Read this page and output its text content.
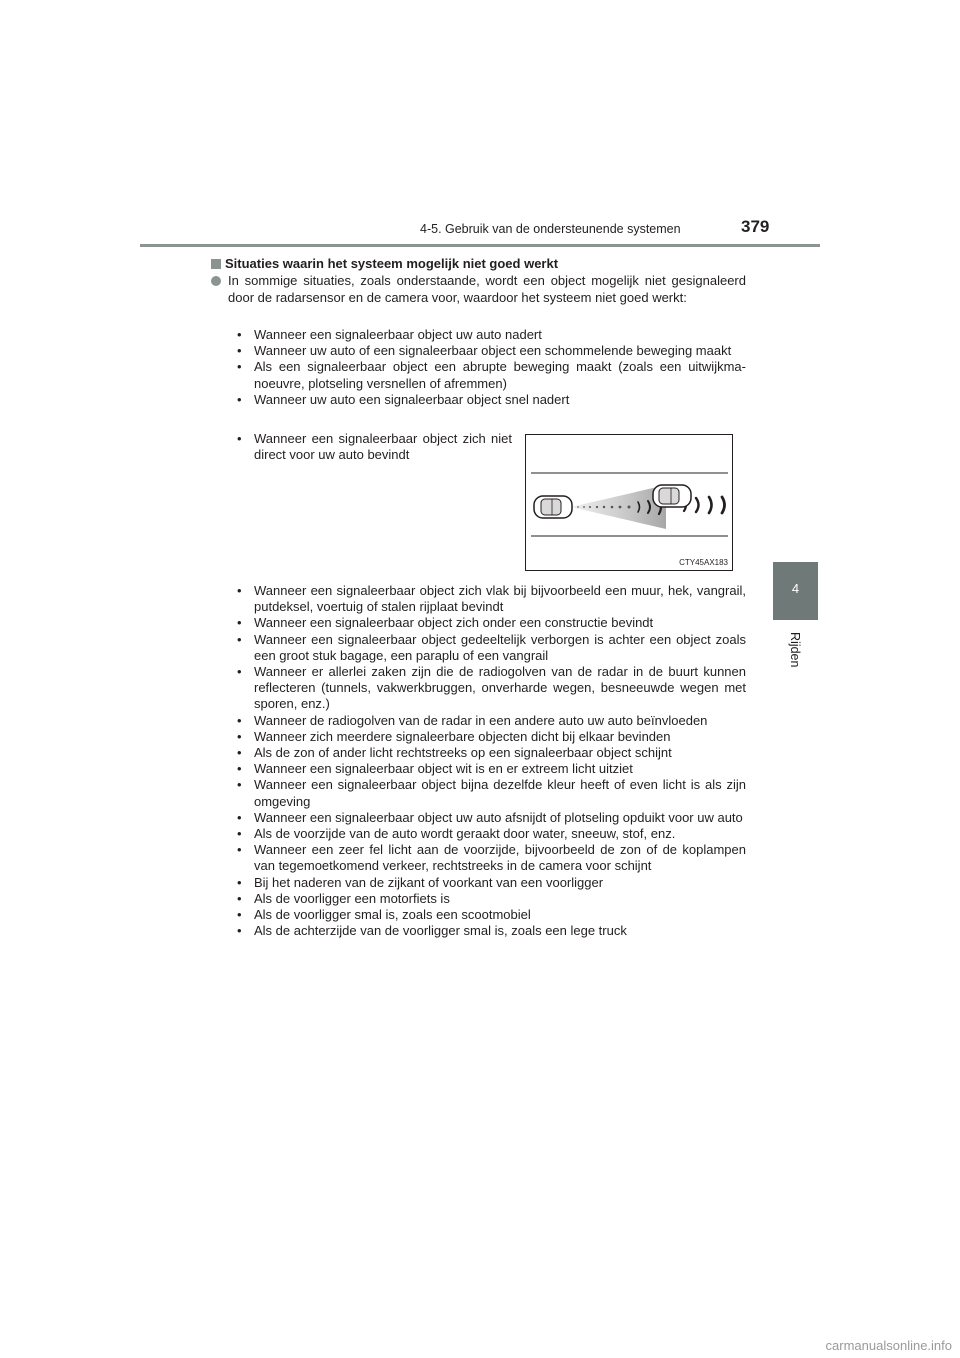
4-5. Gebruik van de ondersteunende systemen	379
4
Rijden
Situaties waarin het systeem mogelijk niet goed werkt

In sommige situaties, zoals onderstaande, wordt een object mogelijk niet gesignaleerd door de radarsensor en de camera voor, waardoor het systeem niet goed werkt:

• Wanneer een signaleerbaar object uw auto nadert
• Wanneer uw auto of een signaleerbaar object een schommelende beweging maakt
• Als een signaleerbaar object een abrupte beweging maakt (zoals een uitwijkmanoeuvre, plotseling versnellen of afremmen)
• Wanneer uw auto een signaleerbaar object snel nadert
• Wanneer een signaleerbaar object zich niet direct voor uw auto bevindt
CTY45AX183
• Wanneer een signaleerbaar object zich vlak bij bijvoorbeeld een muur, hek, vangrail, putdeksel, voertuig of stalen rijplaat bevindt
• Wanneer een signaleerbaar object zich onder een constructie bevindt
• Wanneer een signaleerbaar object gedeeltelijk verborgen is achter een object zoals een groot stuk bagage, een paraplu of een vangrail
• Wanneer er allerlei zaken zijn die de radiogolven van de radar in de buurt kunnen reflecteren (tunnels, vakwerkbruggen, onverharde wegen, besneeuwde wegen met sporen, enz.)
• Wanneer de radiogolven van de radar in een andere auto uw auto beïnvloeden
• Wanneer zich meerdere signaleerbare objecten dicht bij elkaar bevinden
• Als de zon of ander licht rechtstreeks op een signaleerbaar object schijnt
• Wanneer een signaleerbaar object wit is en er extreem licht uitziet
• Wanneer een signaleerbaar object bijna dezelfde kleur heeft of even licht is als zijn omgeving
• Wanneer een signaleerbaar object uw auto afsnijdt of plotseling opduikt voor uw auto
• Als de voorzijde van de auto wordt geraakt door water, sneeuw, stof, enz.
• Wanneer een zeer fel licht aan de voorzijde, bijvoorbeeld de zon of de koplampen van tegemoetkomend verkeer, rechtstreeks in de camera voor schijnt
• Bij het naderen van de zijkant of voorkant van een voorligger
• Als de voorligger een motorfiets is
• Als de voorligger smal is, zoals een scootmobiel
• Als de achterzijde van de voorligger smal is, zoals een lege truck
carmanualsonline.info
